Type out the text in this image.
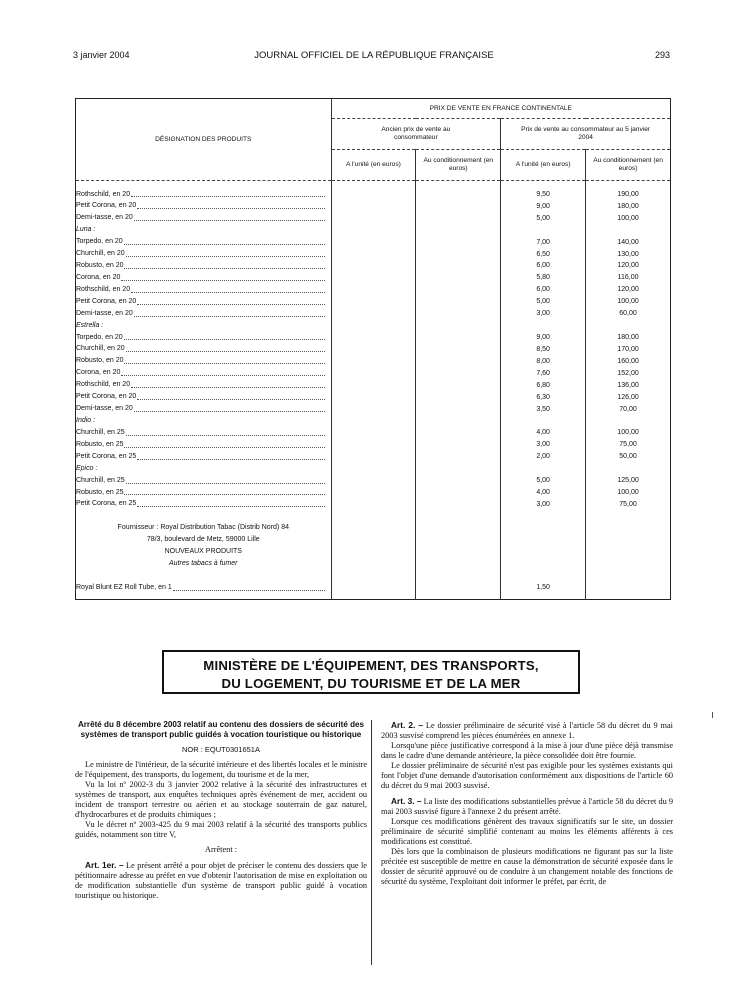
3 janvier 2004	JOURNAL OFFICIEL DE LA RÉPUBLIQUE FRANÇAISE	293
DÉSIGNATION DES PRODUITS	PRIX DE VENTE EN FRANCE CONTINENTALE			

	Ancien prix de vente au consommateur		Prix de vente au consommateur au 5 janvier 2004	

	A l'unité (en euros)	Au conditionnement (en euros)	A l'unité (en euros)	Au conditionnement (en euros)

Rothschild, en 20			9,50	190,00

Petit Corona, en 20			9,00	180,00

Demi-tasse, en 20			5,00	100,00
Luna :				

Torpedo, en 20			7,00	140,00

Churchill, en 20			6,50	130,00

Robusto, en 20			6,00	120,00

Corona, en 20			5,80	116,00

Rothschild, en 20			6,00	120,00

Petit Corona, en 20			5,00	100,00

Demi-tasse, en 20			3,00	60,00
Estrella :				

Torpedo, en 20			9,00	180,00

Churchill, en 20			8,50	170,00

Robusto, en 20			8,00	160,00

Corona, en 20			7,60	152,00

Rothschild, en 20			6,80	136,00

Petit Corona, en 20			6,30	126,00

Demi-tasse, en 20			3,50	70,00
Indio :				

Churchill, en 25			4,00	100,00

Robusto, en 25			3,00	75,00

Petit Corona, en 25			2,00	50,00
Epico :				

Churchill, en 25			5,00	125,00

Robusto, en 25			4,00	100,00

Petit Corona, en 25			3,00	75,00

Fournisseur : Royal Distribution Tabac (Distrib Nord) 84				
78/3, boulevard de Metz, 59000 Lille				
NOUVEAUX PRODUITS				
Autres tabacs à fumer				

Royal Blunt EZ Roll Tube, en 1			1,50	

MINISTÈRE DE L'ÉQUIPEMENT, DES TRANSPORTS,
DU LOGEMENT, DU TOURISME ET DE LA MER

Arrêté du 8 décembre 2003 relatif au contenu des dossiers de sécurité des systèmes de transport public guidés à vocation touristique ou historique

NOR : EQUT0301651A

Le ministre de l'intérieur, de la sécurité intérieure et des libertés locales et le ministre de l'équipement, des transports, du logement, du tourisme et de la mer,

Vu la loi nº 2002-3 du 3 janvier 2002 relative à la sécurité des infrastructures et systèmes de transport, aux enquêtes techniques après événement de mer, accident ou incident de transport terrestre ou aérien et au stockage souterrain de gaz naturel, d'hydrocarbures et de produits chimiques ;

Vu le décret nº 2003-425 du 9 mai 2003 relatif à la sécurité des transports publics guidés, notamment son titre V,

Arrêtent :

Art. 1er. – Le présent arrêté a pour objet de préciser le contenu des dossiers que le pétitionnaire adresse au préfet en vue d'obtenir l'autorisation de mise en exploitation ou de modification substantielle d'un système de transport public guidé à vocation touristique ou historique.

Art. 2. – Le dossier préliminaire de sécurité visé à l'article 58 du décret du 9 mai 2003 susvisé comprend les pièces énumérées en annexe 1.

Lorsqu'une pièce justificative correspond à la mise à jour d'une pièce déjà transmise dans le cadre d'une demande antérieure, la pièce consolidée doit être fournie.

Le dossier préliminaire de sécurité n'est pas exigible pour les systèmes existants qui font l'objet d'une demande d'autorisation conformément aux dispositions de l'article 60 du décret du 9 mai 2003 susvisé.

Art. 3. – La liste des modifications substantielles prévue à l'article 58 du décret du 9 mai 2003 susvisé figure à l'annexe 2 du présent arrêté.

Lorsque ces modifications génèrent des travaux significatifs sur le site, un dossier préliminaire de sécurité simplifié contenant au moins les éléments afférents à ces modifications est constitué.

Dès lors que la combinaison de plusieurs modifications ne figurant pas sur la liste précitée est susceptible de mettre en cause la démonstration de sécurité exposée dans le dossier de sécurité approuvé ou de conduire à un changement notable des fonctions de sécurité du système, l'exploitant doit informer le préfet, par écrit, de
